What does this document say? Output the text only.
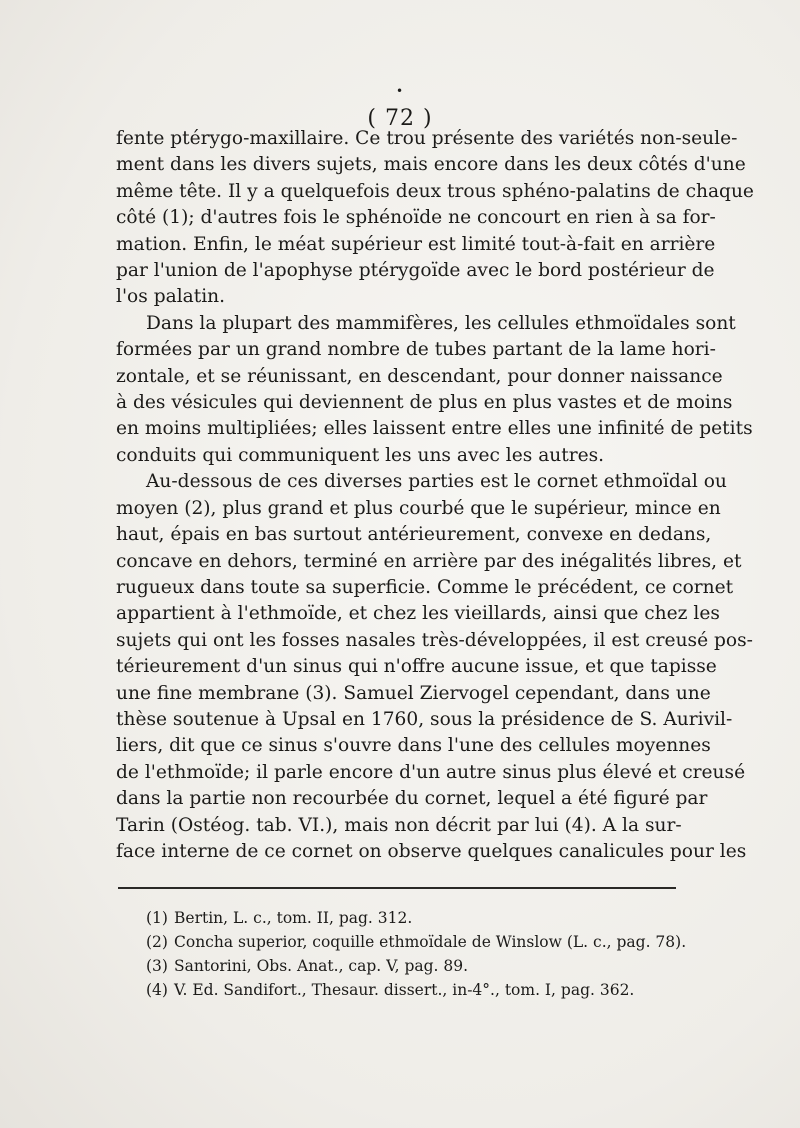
•
( 72 )
fente ptérygo-maxillaire. Ce trou présente des variétés non-seule-
ment dans les divers sujets, mais encore dans les deux côtés d'une
même tête. Il y a quelquefois deux trous sphéno-palatins de chaque
côté (1); d'autres fois le sphénoïde ne concourt en rien à sa for-
mation. Enfin, le méat supérieur est limité tout-à-fait en arrière
par l'union de l'apophyse ptérygoïde avec le bord postérieur de
l'os palatin.
Dans la plupart des mammifères, les cellules ethmoïdales sont
formées par un grand nombre de tubes partant de la lame hori-
zontale, et se réunissant, en descendant, pour donner naissance
à des vésicules qui deviennent de plus en plus vastes et de moins
en moins multipliées; elles laissent entre elles une infinité de petits
conduits qui communiquent les uns avec les autres.
Au-dessous de ces diverses parties est le cornet ethmoïdal ou
moyen (2), plus grand et plus courbé que le supérieur, mince en
haut, épais en bas surtout antérieurement, convexe en dedans,
concave en dehors, terminé en arrière par des inégalités libres, et
rugueux dans toute sa superficie. Comme le précédent, ce cornet
appartient à l'ethmoïde, et chez les vieillards, ainsi que chez les
sujets qui ont les fosses nasales très-développées, il est creusé pos-
térieurement d'un sinus qui n'offre aucune issue, et que tapisse
une fine membrane (3). Samuel Ziervogel cependant, dans une
thèse soutenue à Upsal en 1760, sous la présidence de S. Aurivil-
liers, dit que ce sinus s'ouvre dans l'une des cellules moyennes
de l'ethmoïde; il parle encore d'un autre sinus plus élevé et creusé
dans la partie non recourbée du cornet, lequel a été figuré par
Tarin (Ostéog. tab. VI.), mais non décrit par lui (4). A la sur-
face interne de ce cornet on observe quelques canalicules pour les
(1) Bertin, L. c., tom. II, pag. 312.
(2) Concha superior, coquille ethmoïdale de Winslow (L. c., pag. 78).
(3) Santorini, Obs. Anat., cap. V, pag. 89.
(4) V. Ed. Sandifort., Thesaur. dissert., in-4°., tom. I, pag. 362.
